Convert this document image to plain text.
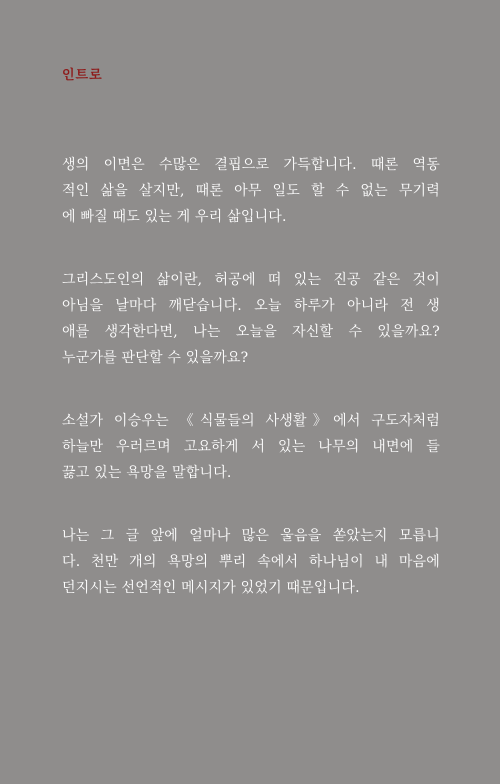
인트로

생의 이면은 수많은 결핍으로 가득합니다. 때론 역동
적인 삶을 살지만, 때론 아무 일도 할 수 없는 무기력
에 빠질 때도 있는 게 우리 삶입니다.

그리스도인의 삶이란, 허공에 떠 있는 진공 같은 것이
아님을 날마다 깨닫습니다. 오늘 하루가 아니라 전 생
애를 생각한다면, 나는 오늘을 자신할 수 있을까요?
누군가를 판단할 수 있을까요?

소설가 이승우는 《식물들의 사생활》에서 구도자처럼
하늘만 우러르며 고요하게 서 있는 나무의 내면에 들
끓고 있는 욕망을 말합니다.

나는 그 글 앞에 얼마나 많은 울음을 쏟았는지 모릅니
다. 천만 개의 욕망의 뿌리 속에서 하나님이 내 마음에
던지시는 선언적인 메시지가 있었기 때문입니다.
